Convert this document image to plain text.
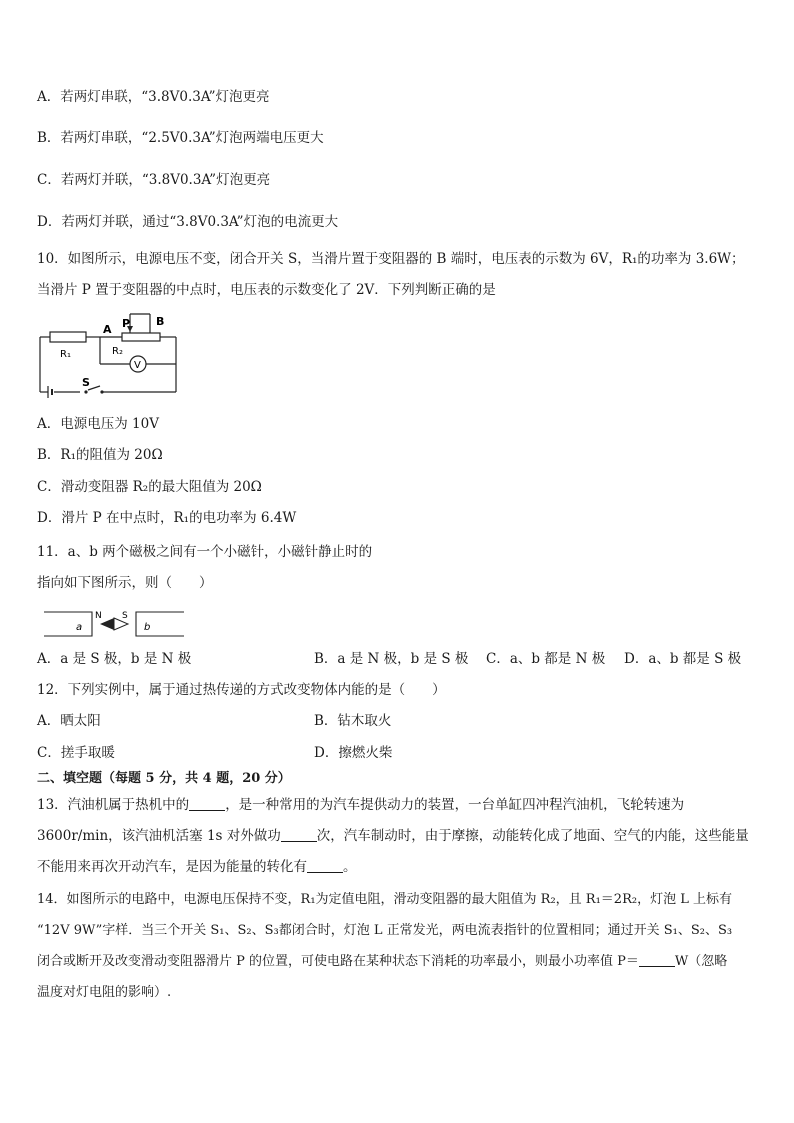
A．若两灯串联，“3.8V0.3A”灯泡更亮
B．若两灯串联，“2.5V0.3A”灯泡两端电压更大
C．若两灯并联，“3.8V0.3A”灯泡更亮
D．若两灯并联，通过“3.8V0.3A”灯泡的电流更大
10．如图所示，电源电压不变，闭合开关 S，当滑片置于变阻器的 B 端时，电压表的示数为 6V，R₁的功率为 3.6W；
当滑片 P 置于变阻器的中点时，电压表的示数变化了 2V．下列判断正确的是
A P B
R₁	R₂
V
S
A．电源电压为 10V
B．R₁的阻值为 20Ω
C．滑动变阻器 R₂的最大阻值为 20Ω
D．滑片 P 在中点时，R₁的电功率为 6.4W
11．a、b 两个磁极之间有一个小磁针，小磁针静止时的
指向如下图所示，则（　　）
N S
a	b
A．a 是 S 极，b 是 N 极	B．a 是 N 极，b 是 S 极 C．a、b 都是 N 极 D．a、b 都是 S 极
12．下列实例中，属于通过热传递的方式改变物体内能的是（　　）
A．晒太阳	B．钻木取火
C．搓手取暖	D．擦燃火柴
二、填空题（每题 5 分，共 4 题，20 分）
13．汽油机属于热机中的	，是一种常用的为汽车提供动力的装置，一台单缸四冲程汽油机，飞轮转速为
3600r/min，该汽油机活塞 1s 对外做功	次，汽车制动时，由于摩擦，动能转化成了地面、空气的内能，这些能量
不能用来再次开动汽车，是因为能量的转化有	。
14．如图所示的电路中，电源电压保持不变，R₁为定值电阻，滑动变阻器的最大阻值为 R₂，且 R₁＝2R₂，灯泡 L 上标有
“12V 9W”字样．当三个开关 S₁、S₂、S₃都闭合时，灯泡 L 正常发光，两电流表指针的位置相同；通过开关 S₁、S₂、S₃
闭合或断开及改变滑动变阻器滑片 P 的位置，可使电路在某种状态下消耗的功率最小，则最小功率值 P＝	W（忽略
温度对灯电阻的影响）.
